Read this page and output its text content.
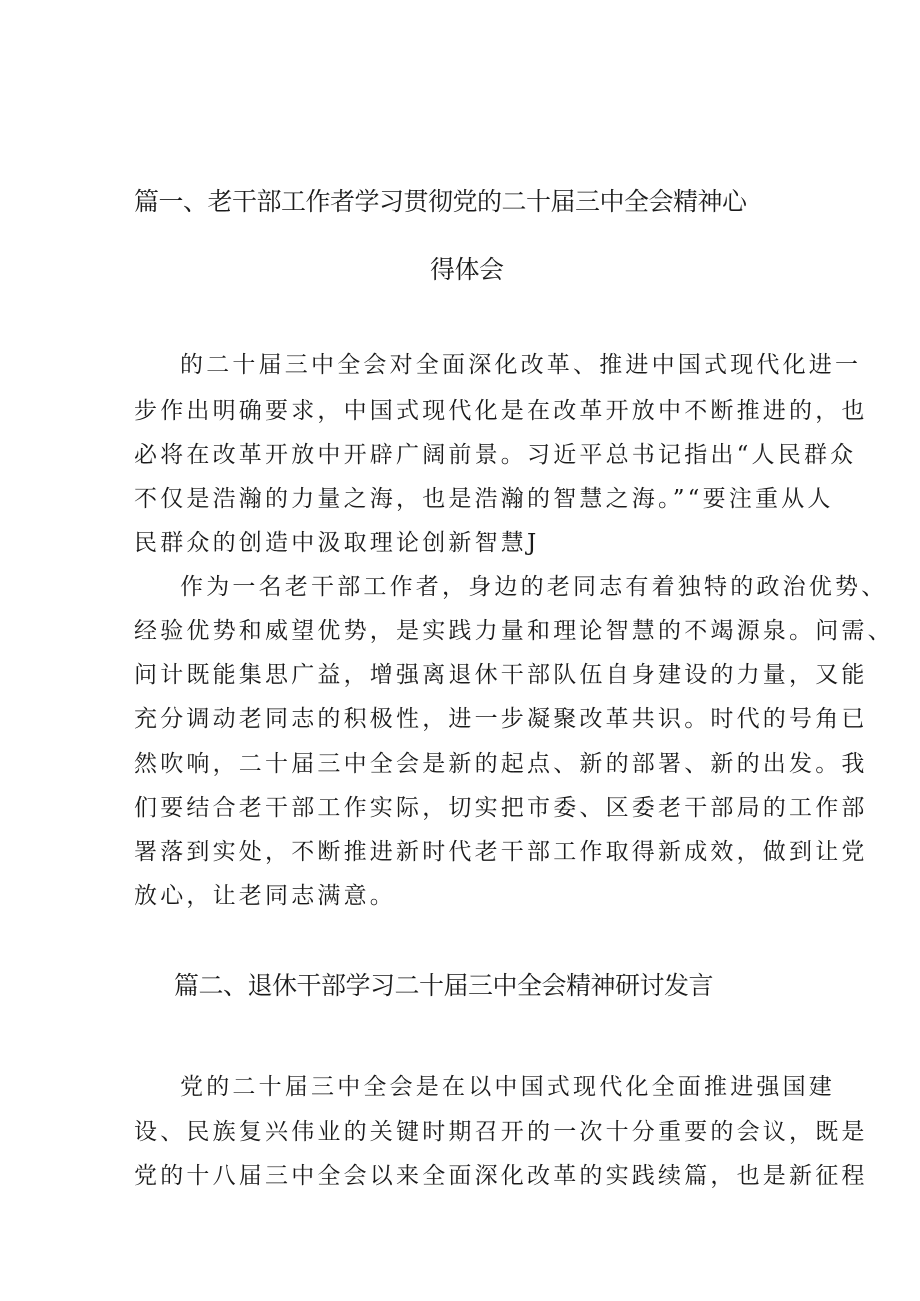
篇一、老干部工作者学习贯彻党的二十届三中全会精神心
得体会

的二十届三中全会对全面深化改革、推进中国式现代化进一

步作出明确要求，中国式现代化是在改革开放中不断推进的，也

必将在改革开放中开辟广阔前景。习近平总书记指出“人民群众

不仅是浩瀚的力量之海，也是浩瀚的智慧之海。”“要注重从人

民群众的创造中汲取理论创新智慧J

作为一名老干部工作者，身边的老同志有着独特的政治优势、

经验优势和威望优势，是实践力量和理论智慧的不竭源泉。问需、

问计既能集思广益，增强离退休干部队伍自身建设的力量，又能

充分调动老同志的积极性，进一步凝聚改革共识。时代的号角已

然吹响，二十届三中全会是新的起点、新的部署、新的出发。我

们要结合老干部工作实际，切实把市委、区委老干部局的工作部

署落到实处，不断推进新时代老干部工作取得新成效，做到让党

放心，让老同志满意。

篇二、退休干部学习二十届三中全会精神研讨发言

党的二十届三中全会是在以中国式现代化全面推进强国建

设、民族复兴伟业的关键时期召开的一次十分重要的会议，既是

党的十八届三中全会以来全面深化改革的实践续篇，也是新征程
